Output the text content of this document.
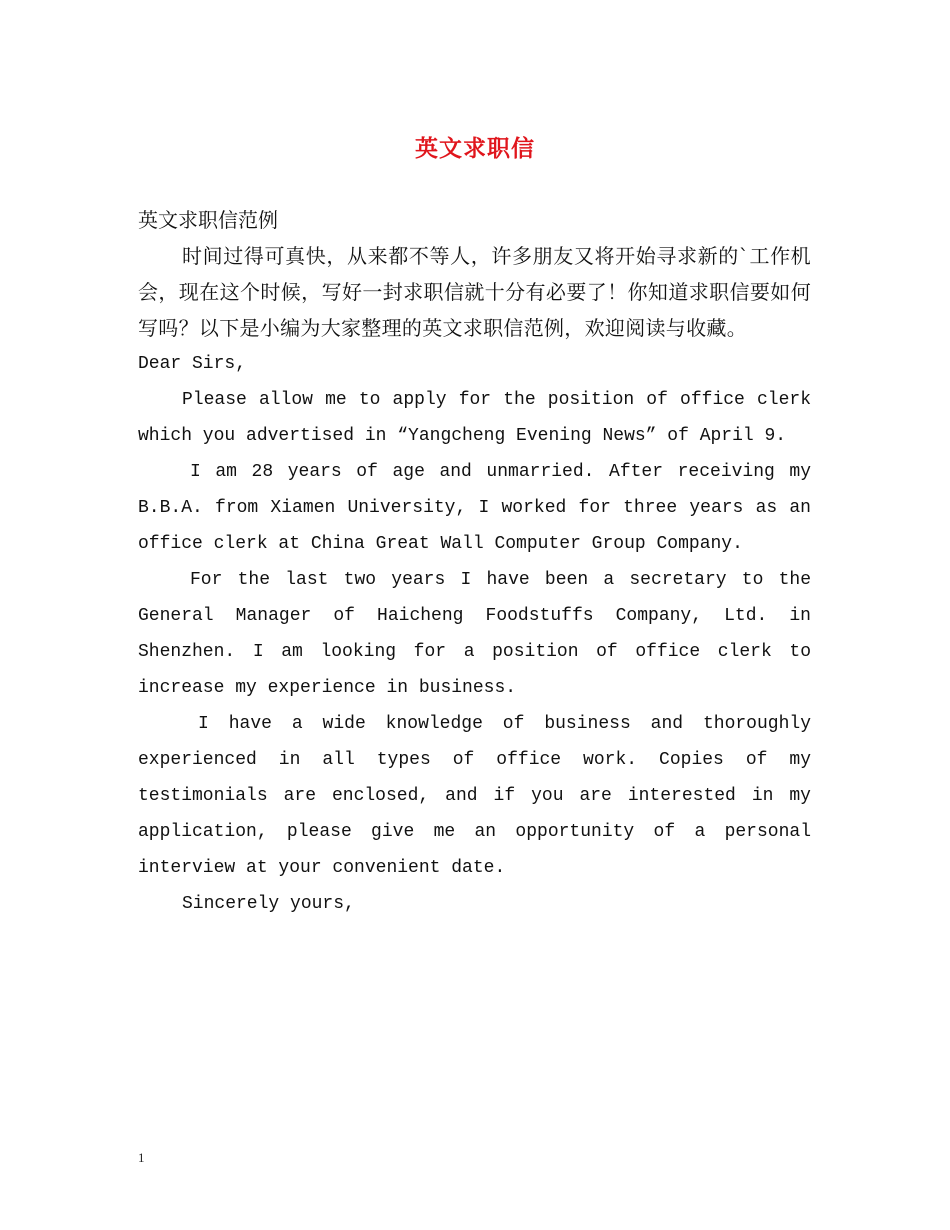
英文求职信

英文求职信范例

时间过得可真快，从来都不等人，许多朋友又将开始寻求新的`工作机会，现在这个时候，写好一封求职信就十分有必要了！你知道求职信要如何写吗？以下是小编为大家整理的英文求职信范例，欢迎阅读与收藏。

Dear Sirs,

Please allow me to apply for the position of office clerk which you advertised in “Yangcheng Evening News” of April 9.

I am 28 years of age and unmarried. After receiving my B.B.A. from Xiamen University, I worked for three years as an office clerk at China Great Wall Computer Group Company.

For the last two years I have been a secretary to the General Manager of Haicheng Foodstuffs Company, Ltd. in Shenzhen. I am looking for a position of office clerk to increase my experience in business.

I have a wide knowledge of business and thoroughly experienced in all types of office work. Copies of my testimonials are enclosed, and if you are interested in my application, please give me an opportunity of a personal interview at your convenient date.

Sincerely yours,

1
